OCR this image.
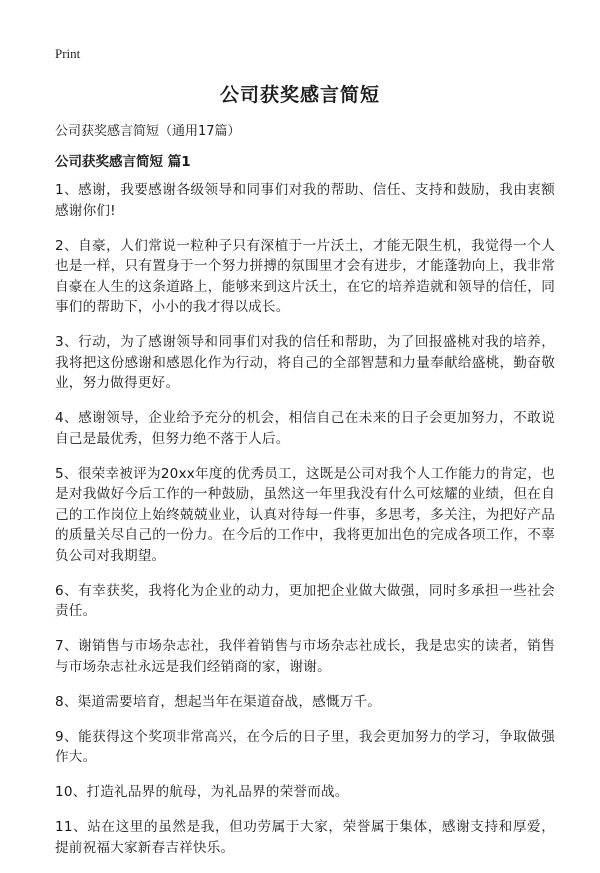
Print
公司获奖感言简短

公司获奖感言简短（通用17篇）

公司获奖感言简短 篇1

1、感谢，我要感谢各级领导和同事们对我的帮助、信任、支持和鼓励，我由衷额感谢你们!

2、自豪，人们常说一粒种子只有深植于一片沃土，才能无限生机，我觉得一个人也是一样，只有置身于一个努力拼搏的氛围里才会有进步，才能蓬勃向上，我非常自豪在人生的这条道路上，能够来到这片沃土，在它的培养造就和领导的信任，同事们的帮助下，小小的我才得以成长。

3、行动，为了感谢领导和同事们对我的信任和帮助，为了回报盛桃对我的培养，我将把这份感谢和感恩化作为行动，将自己的全部智慧和力量奉献给盛桃，勤奋敬业，努力做得更好。

4、感谢领导，企业给予充分的机会，相信自己在未来的日子会更加努力，不敢说自己是最优秀，但努力绝不落于人后。

5、很荣幸被评为20xx年度的优秀员工，这既是公司对我个人工作能力的肯定，也是对我做好今后工作的一种鼓励，虽然这一年里我没有什么可炫耀的业绩，但在自己的工作岗位上始终兢兢业业，认真对待每一件事，多思考，多关注，为把好产品的质量关尽自己的一份力。在今后的工作中，我将更加出色的完成各项工作，不辜负公司对我期望。

6、有幸获奖，我将化为企业的动力，更加把企业做大做强，同时多承担一些社会责任。

7、谢销售与市场杂志社，我伴着销售与市场杂志社成长，我是忠实的读者，销售与市场杂志社永远是我们经销商的家，谢谢。

8、渠道需要培育，想起当年在渠道奋战，感慨万千。

9、能获得这个奖项非常高兴，在今后的日子里，我会更加努力的学习，争取做强作大。

10、打造礼品界的航母，为礼品界的荣誉而战。

11、站在这里的虽然是我，但功劳属于大家，荣誉属于集体，感谢支持和厚爱，提前祝福大家新春吉祥快乐。
